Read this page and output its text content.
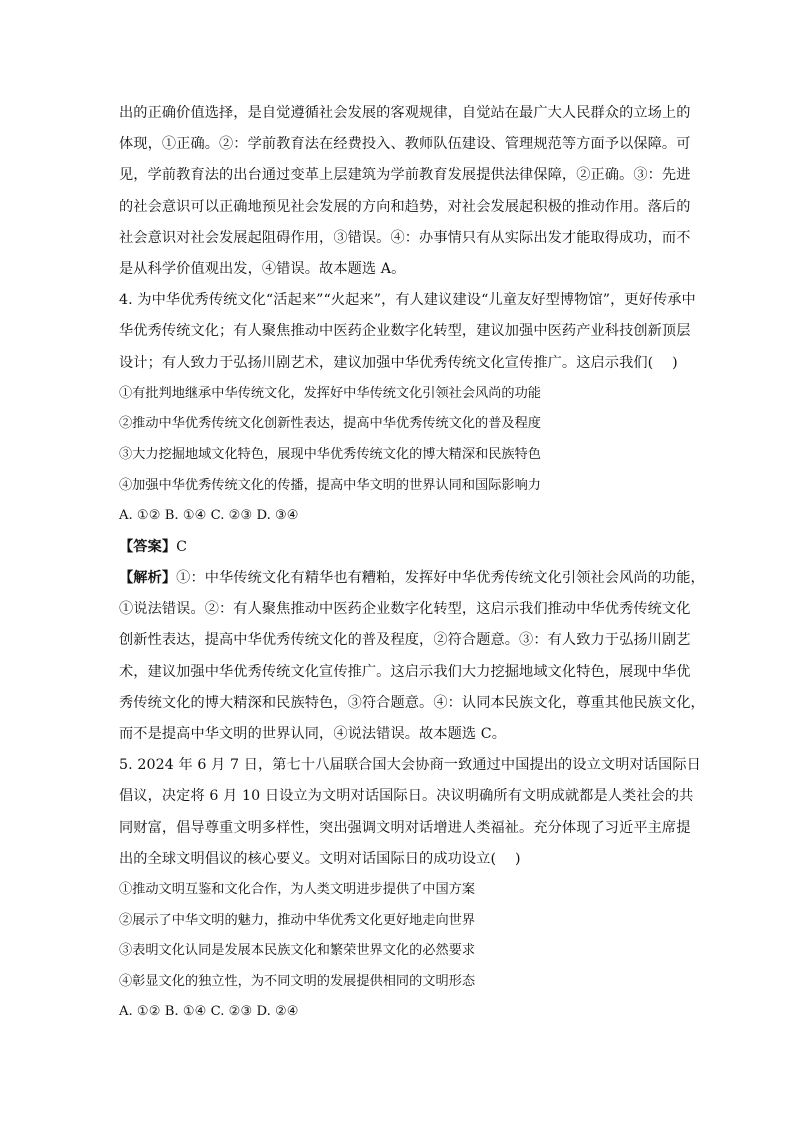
出的正确价值选择，是自觉遵循社会发展的客观规律，自觉站在最广大人民群众的立场上的
体现，①正确。②：学前教育法在经费投入、教师队伍建设、管理规范等方面予以保障。可
见，学前教育法的出台通过变革上层建筑为学前教育发展提供法律保障，②正确。③：先进
的社会意识可以正确地预见社会发展的方向和趋势，对社会发展起积极的推动作用。落后的
社会意识对社会发展起阻碍作用，③错误。④：办事情只有从实际出发才能取得成功，而不
是从科学价值观出发，④错误。故本题选 A。
4. 为中华优秀传统文化“活起来”“火起来”，有人建议建设“儿童友好型博物馆”，更好传承中
华优秀传统文化；有人聚焦推动中医药企业数字化转型，建议加强中医药产业科技创新顶层
设计；有人致力于弘扬川剧艺术，建议加强中华优秀传统文化宣传推广。这启示我们(　 )
①有批判地继承中华传统文化，发挥好中华传统文化引领社会风尚的功能
②推动中华优秀传统文化创新性表达，提高中华优秀传统文化的普及程度
③大力挖掘地域文化特色，展现中华优秀传统文化的博大精深和民族特色
④加强中华优秀传统文化的传播，提高中华文明的世界认同和国际影响力
A. ①② B. ①④ C. ②③ D. ③④
【答案】C
【解析】①：中华传统文化有精华也有糟粕，发挥好中华优秀传统文化引领社会风尚的功能，
①说法错误。②：有人聚焦推动中医药企业数字化转型，这启示我们推动中华优秀传统文化
创新性表达，提高中华优秀传统文化的普及程度，②符合题意。③：有人致力于弘扬川剧艺
术，建议加强中华优秀传统文化宣传推广。这启示我们大力挖掘地域文化特色，展现中华优
秀传统文化的博大精深和民族特色，③符合题意。④：认同本民族文化，尊重其他民族文化，
而不是提高中华文明的世界认同，④说法错误。故本题选 C。
5. 2024 年 6 月 7 日，第七十八届联合国大会协商一致通过中国提出的设立文明对话国际日
倡议，决定将 6 月 10 日设立为文明对话国际日。决议明确所有文明成就都是人类社会的共
同财富，倡导尊重文明多样性，突出强调文明对话增进人类福祉。充分体现了习近平主席提
出的全球文明倡议的核心要义。文明对话国际日的成功设立(　 )
①推动文明互鉴和文化合作，为人类文明进步提供了中国方案
②展示了中华文明的魅力，推动中华优秀文化更好地走向世界
③表明文化认同是发展本民族文化和繁荣世界文化的必然要求
④彰显文化的独立性，为不同文明的发展提供相同的文明形态
A. ①② B. ①④ C. ②③ D. ②④
